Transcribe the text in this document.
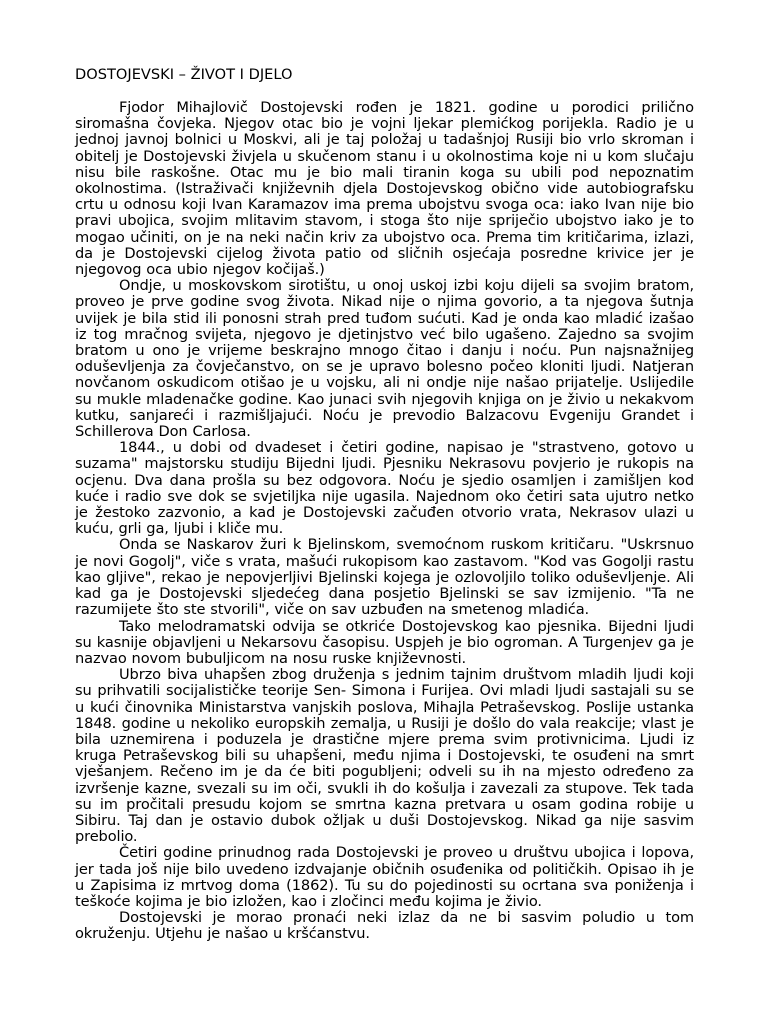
DOSTOJEVSKI – ŽIVOT I DJELO

Fjodor Mihajlovič Dostojevski rođen je 1821. godine u porodici prilično siromašna čovjeka. Njegov otac bio je vojni ljekar plemićkog porijekla. Radio je u jednoj javnoj bolnici u Moskvi, ali je taj položaj u tadašnjoj Rusiji bio vrlo skroman i obitelj je Dostojevski živjela u skučenom stanu i u okolnostima koje ni u kom slučaju nisu bile raskošne. Otac mu je bio mali tiranin koga su ubili pod nepoznatim okolnostima. (Istraživači književnih djela Dostojevskog obično vide autobiografsku crtu u odnosu koji Ivan Karamazov ima prema ubojstvu svoga oca: iako Ivan nije bio pravi ubojica, svojim mlitavim stavom, i stoga što nije spriječio ubojstvo iako je to mogao učiniti, on je na neki način kriv za ubojstvo oca. Prema tim kritičarima, izlazi, da je Dostojevski cijelog života patio od sličnih osjećaja posredne krivice jer je njegovog oca ubio njegov kočijaš.)

Ondje, u moskovskom sirotištu, u onoj uskoj izbi koju dijeli sa svojim bratom, proveo je prve godine svog života. Nikad nije o njima govorio, a ta njegova šutnja uvijek je bila stid ili ponosni strah pred tuđom sućuti. Kad je onda kao mladić izašao iz tog mračnog svijeta, njegovo je djetinjstvo već bilo ugašeno. Zajedno sa svojim bratom u ono je vrijeme beskrajno mnogo čitao i danju i noću. Pun najsnažnijeg oduševljenja za čovječanstvo, on se je upravo bolesno počeo kloniti ljudi. Natjeran novčanom oskudicom otišao je u vojsku, ali ni ondje nije našao prijatelje. Uslijedile su mukle mladenačke godine. Kao junaci svih njegovih knjiga on je živio u nekakvom kutku, sanjareći i razmišljajući. Noću je prevodio Balzacovu Evgeniju Grandet i Schillerova Don Carlosa.

1844., u dobi od dvadeset i četiri godine, napisao je "strastveno, gotovo u suzama" majstorsku studiju Bijedni ljudi. Pjesniku Nekrasovu povjerio je rukopis na ocjenu. Dva dana prošla su bez odgovora. Noću je sjedio osamljen i zamišljen kod kuće i radio sve dok se svjetiljka nije ugasila. Najednom oko četiri sata ujutro netko je žestoko zazvonio, a kad je Dostojevski začuđen otvorio vrata, Nekrasov ulazi u kuću, grli ga, ljubi i kliče mu.

Onda se Naskarov žuri k Bjelinskom, svemoćnom ruskom kritičaru. "Uskrsnuo je novi Gogolj", viče s vrata, mašući rukopisom kao zastavom. "Kod vas Gogolji rastu kao gljive", rekao je nepovjerljivi Bjelinski kojega je ozlovoljilo toliko oduševljenje. Ali kad ga je Dostojevski sljedećeg dana posjetio Bjelinski se sav izmijenio. "Ta ne razumijete što ste stvorili", viče on sav uzbuđen na smetenog mladića.

Tako melodramatski odvija se otkriće Dostojevskog kao pjesnika. Bijedni ljudi su kasnije objavljeni u Nekarsovu časopisu. Uspjeh je bio ogroman. A Turgenjev ga je nazvao novom bubuljicom na nosu ruske književnosti.

Ubrzo biva uhapšen zbog druženja s jednim tajnim društvom mladih ljudi koji su prihvatili socijalističke teorije Sen- Simona i Furijea. Ovi mladi ljudi sastajali su se u kući činovnika Ministarstva vanjskih poslova, Mihajla Petraševskog. Poslije ustanka 1848. godine u nekoliko europskih zemalja, u Rusiji je došlo do vala reakcije; vlast je bila uznemirena i poduzela je drastične mjere prema svim protivnicima. Ljudi iz kruga Petraševskog bili su uhapšeni, među njima i Dostojevski, te osuđeni na smrt vješanjem. Rečeno im je da će biti pogubljeni; odveli su ih na mjesto određeno za izvršenje kazne, svezali su im oči, svukli ih do košulja i zavezali za stupove. Tek tada su im pročitali presudu kojom se smrtna kazna pretvara u osam godina robije u Sibiru. Taj dan je ostavio dubok ožljak u duši Dostojevskog. Nikad ga nije sasvim prebolio.

Četiri godine prinudnog rada Dostojevski je proveo u društvu ubojica i lopova, jer tada još nije bilo uvedeno izdvajanje običnih osuđenika od političkih. Opisao ih je u Zapisima iz mrtvog doma (1862). Tu su do pojedinosti su ocrtana sva poniženja i teškoće kojima je bio izložen, kao i zločinci među kojima je živio.

Dostojevski je morao pronaći neki izlaz da ne bi sasvim poludio u tom okruženju. Utjehu je našao u kršćanstvu.
